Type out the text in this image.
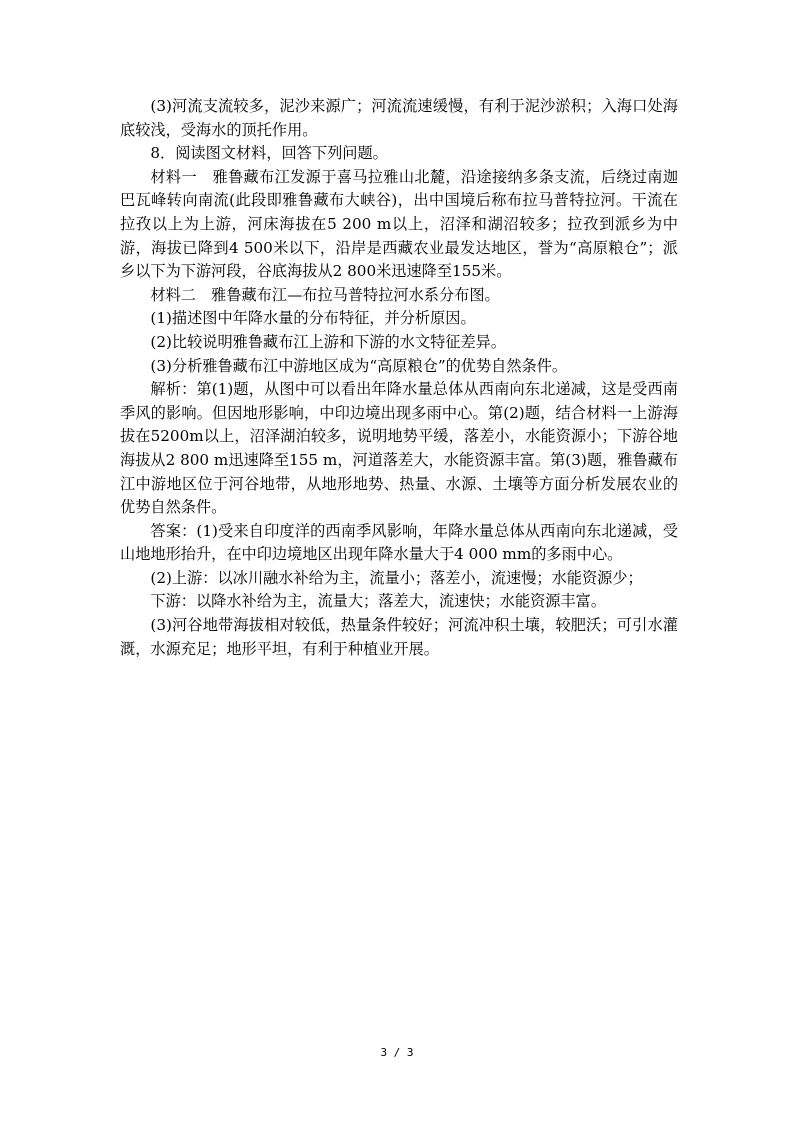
(3)河流支流较多，泥沙来源广；河流流速缓慢，有利于泥沙淤积；入海口处海底较浅，受海水的顶托作用。

8．阅读图文材料，回答下列问题。

材料一　雅鲁藏布江发源于喜马拉雅山北麓，沿途接纳多条支流，后绕过南迦巴瓦峰转向南流(此段即雅鲁藏布大峡谷)，出中国境后称布拉马普特拉河。干流在拉孜以上为上游，河床海拔在5 200 m以上，沼泽和湖沼较多；拉孜到派乡为中游，海拔已降到4 500米以下，沿岸是西藏农业最发达地区，誉为“高原粮仓”；派乡以下为下游河段，谷底海拔从2 800米迅速降至155米。

材料二　雅鲁藏布江—布拉马普特拉河水系分布图。

(1)描述图中年降水量的分布特征，并分析原因。

(2)比较说明雅鲁藏布江上游和下游的水文特征差异。

(3)分析雅鲁藏布江中游地区成为“高原粮仓”的优势自然条件。

解析：第(1)题，从图中可以看出年降水量总体从西南向东北递减，这是受西南季风的影响。但因地形影响，中印边境出现多雨中心。第(2)题，结合材料一上游海拔在5200m以上，沼泽湖泊较多，说明地势平缓，落差小，水能资源小；下游谷地海拔从2 800 m迅速降至155 m，河道落差大，水能资源丰富。第(3)题，雅鲁藏布江中游地区位于河谷地带，从地形地势、热量、水源、土壤等方面分析发展农业的优势自然条件。

答案：(1)受来自印度洋的西南季风影响，年降水量总体从西南向东北递减，受山地地形抬升，在中印边境地区出现年降水量大于4 000 mm的多雨中心。

(2)上游：以冰川融水补给为主，流量小；落差小，流速慢；水能资源少；

下游：以降水补给为主，流量大；落差大，流速快；水能资源丰富。

(3)河谷地带海拔相对较低，热量条件较好；河流冲积土壤，较肥沃；可引水灌溉，水源充足；地形平坦，有利于种植业开展。

3 / 3
